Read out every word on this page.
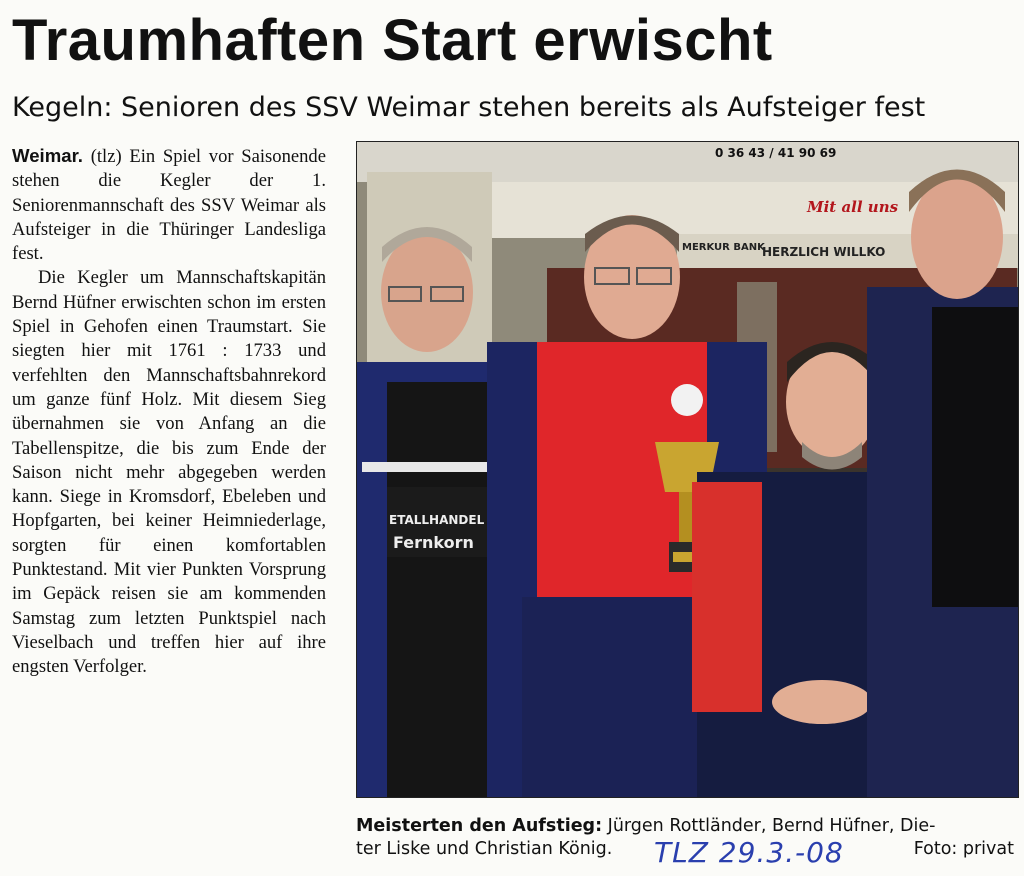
Traumhaften Start erwischt
Kegeln: Senioren des SSV Weimar stehen bereits als Aufsteiger fest

Weimar. (tlz) Ein Spiel vor Saisonende stehen die Kegler der 1. Seniorenmannschaft des SSV Weimar als Aufsteiger in die Thüringer Landesliga fest.

Die Kegler um Mannschaftskapitän Bernd Hüfner erwischten schon im ersten Spiel in Gehofen einen Traumstart. Sie siegten hier mit 1761 : 1733 und verfehlten den Mannschaftsbahnrekord um ganze fünf Holz. Mit diesem Sieg übernahmen sie von Anfang an die Tabellenspitze, die bis zum Ende der Saison nicht mehr abgegeben werden kann. Siege in Kromsdorf, Ebeleben und Hopfgarten, bei keiner Heimniederlage, sorgten für einen komfortablen Punktestand. Mit vier Punkten Vorsprung im Gepäck reisen sie am kommenden Samstag zum letzten Punktspiel nach Vieselbach und treffen hier auf ihre engsten Verfolger.

0 36 43 / 41 90 69
Mit all uns
MERKUR BANK
HERZLICH WILLKO
ETALLHANDEL
Fernkorn
Meisterten den Aufstieg: Jürgen Rottländer, Bernd Hüfner, Die-
ter Liske und Christian König. TLZ 29.3.-08	Foto: privat
